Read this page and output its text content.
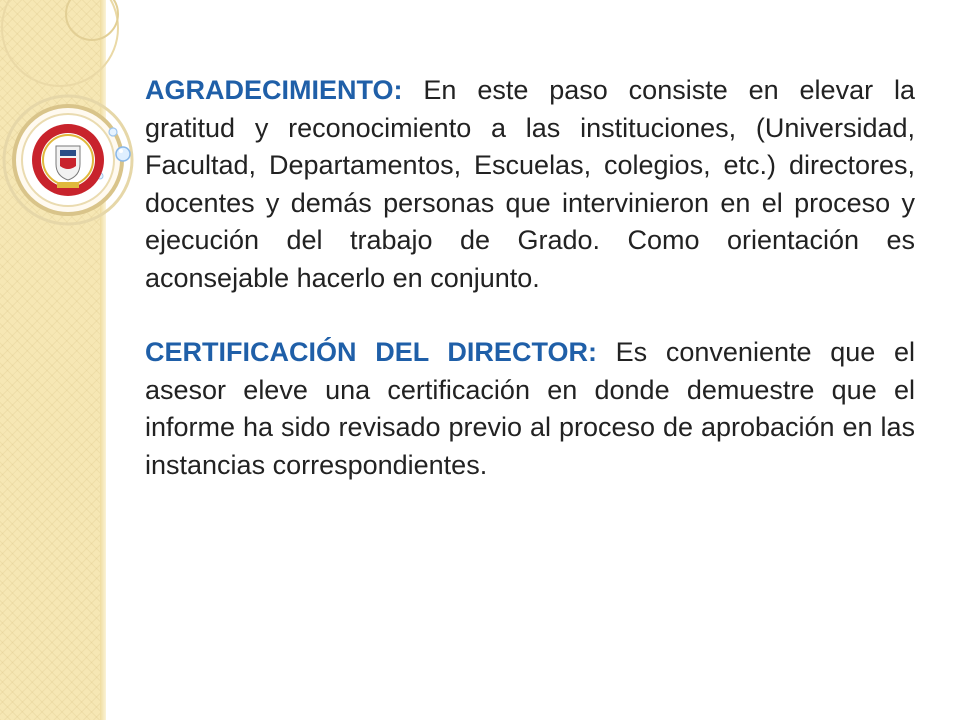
AGRADECIMIENTO: En este paso consiste en elevar la gratitud y reconocimiento a las instituciones, (Universidad, Facultad, Departamentos, Escuelas, colegios, etc.) directores, docentes y demás personas que intervinieron en el proceso y ejecución del trabajo de Grado. Como orientación es aconsejable hacerlo en conjunto.

CERTIFICACIÓN DEL DIRECTOR: Es conveniente que el asesor eleve una certificación en donde demuestre que el informe ha sido revisado previo al proceso de aprobación en las instancias correspondientes.
